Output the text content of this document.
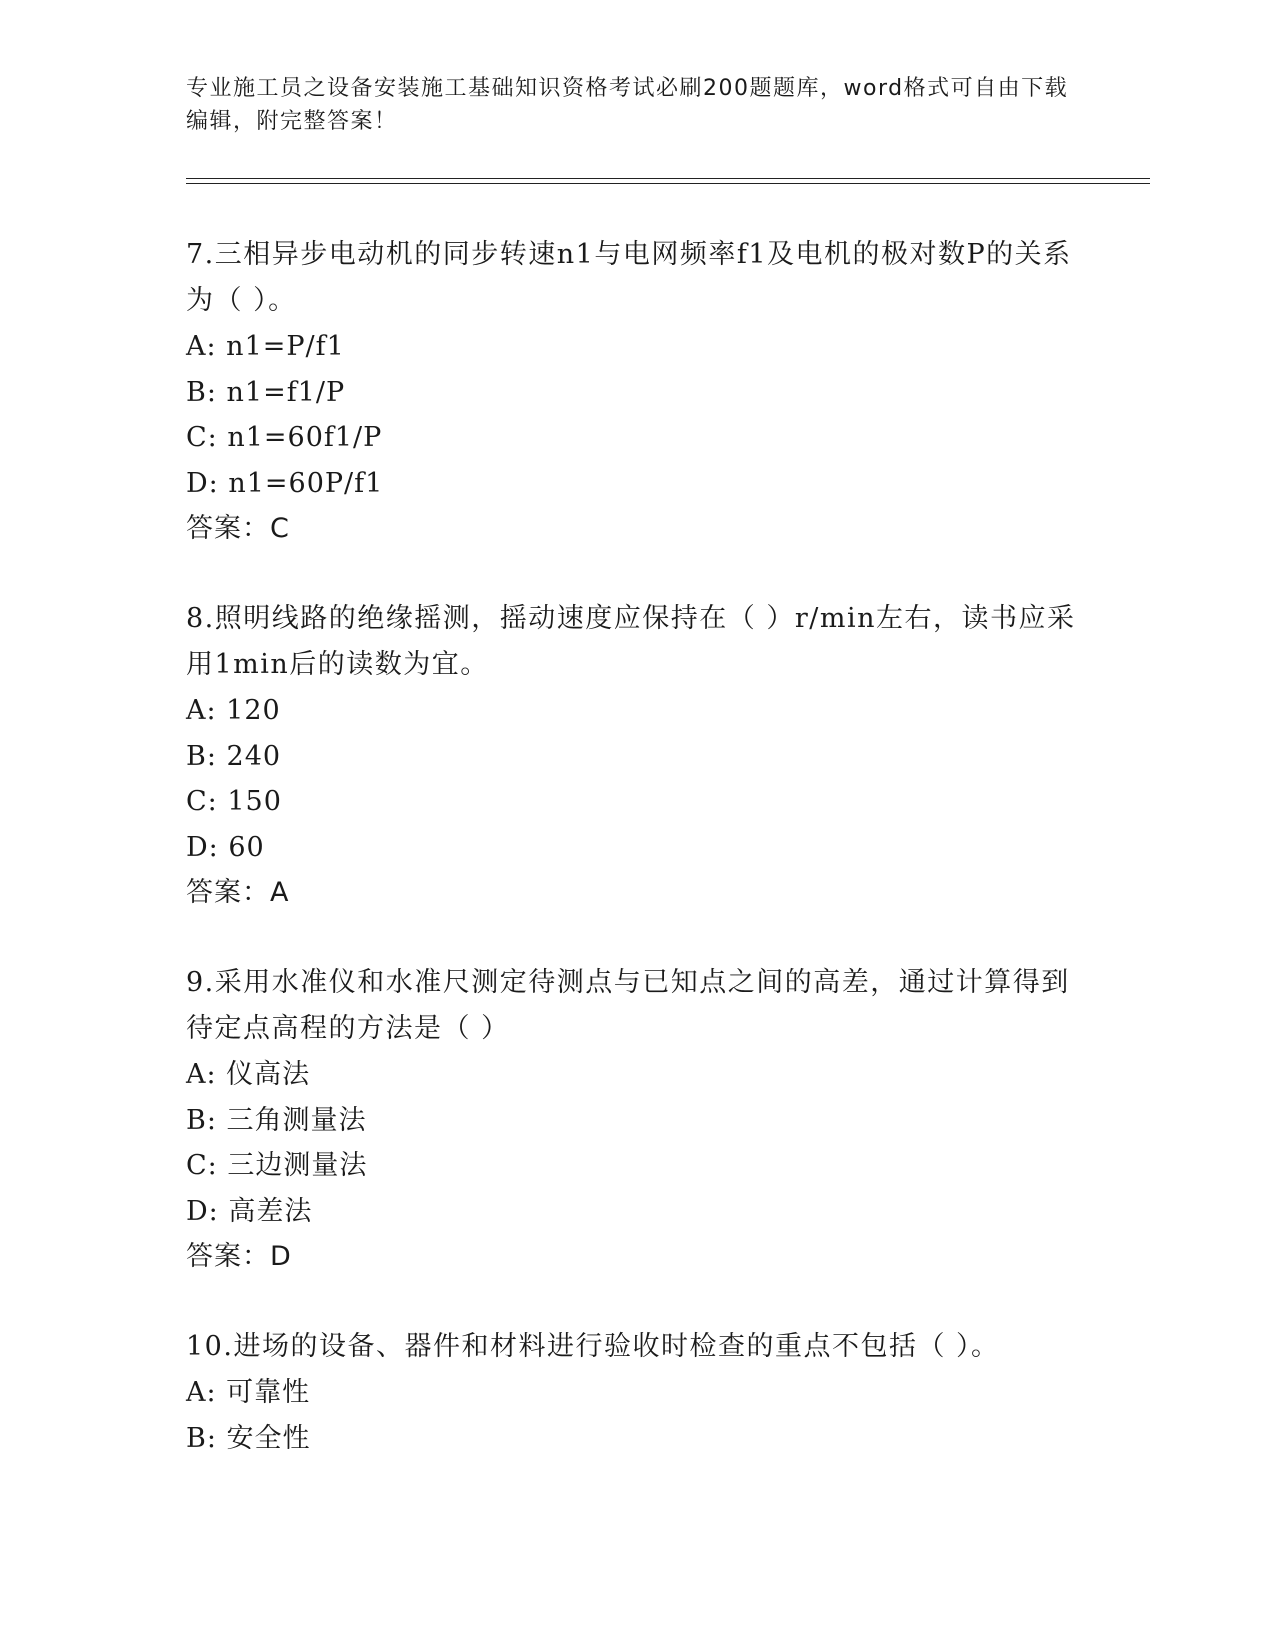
专业施工员之设备安装施工基础知识资格考试必刷200题题库，word格式可自由下载编辑，附完整答案！
7.三相异步电动机的同步转速n1与电网频率f1及电机的极对数P的关系为（ ）。
A: n1=P/f1
B: n1=f1/P
C: n1=60f1/P
D: n1=60P/f1
答案：C
8.照明线路的绝缘摇测，摇动速度应保持在（ ）r/min左右，读书应采用1min后的读数为宜。
A: 120
B: 240
C: 150
D: 60
答案：A
9.采用水准仪和水准尺测定待测点与已知点之间的高差，通过计算得到待定点高程的方法是（ ）
A: 仪高法
B: 三角测量法
C: 三边测量法
D: 高差法
答案：D
10.进场的设备、器件和材料进行验收时检查的重点不包括（ ）。
A: 可靠性
B: 安全性
